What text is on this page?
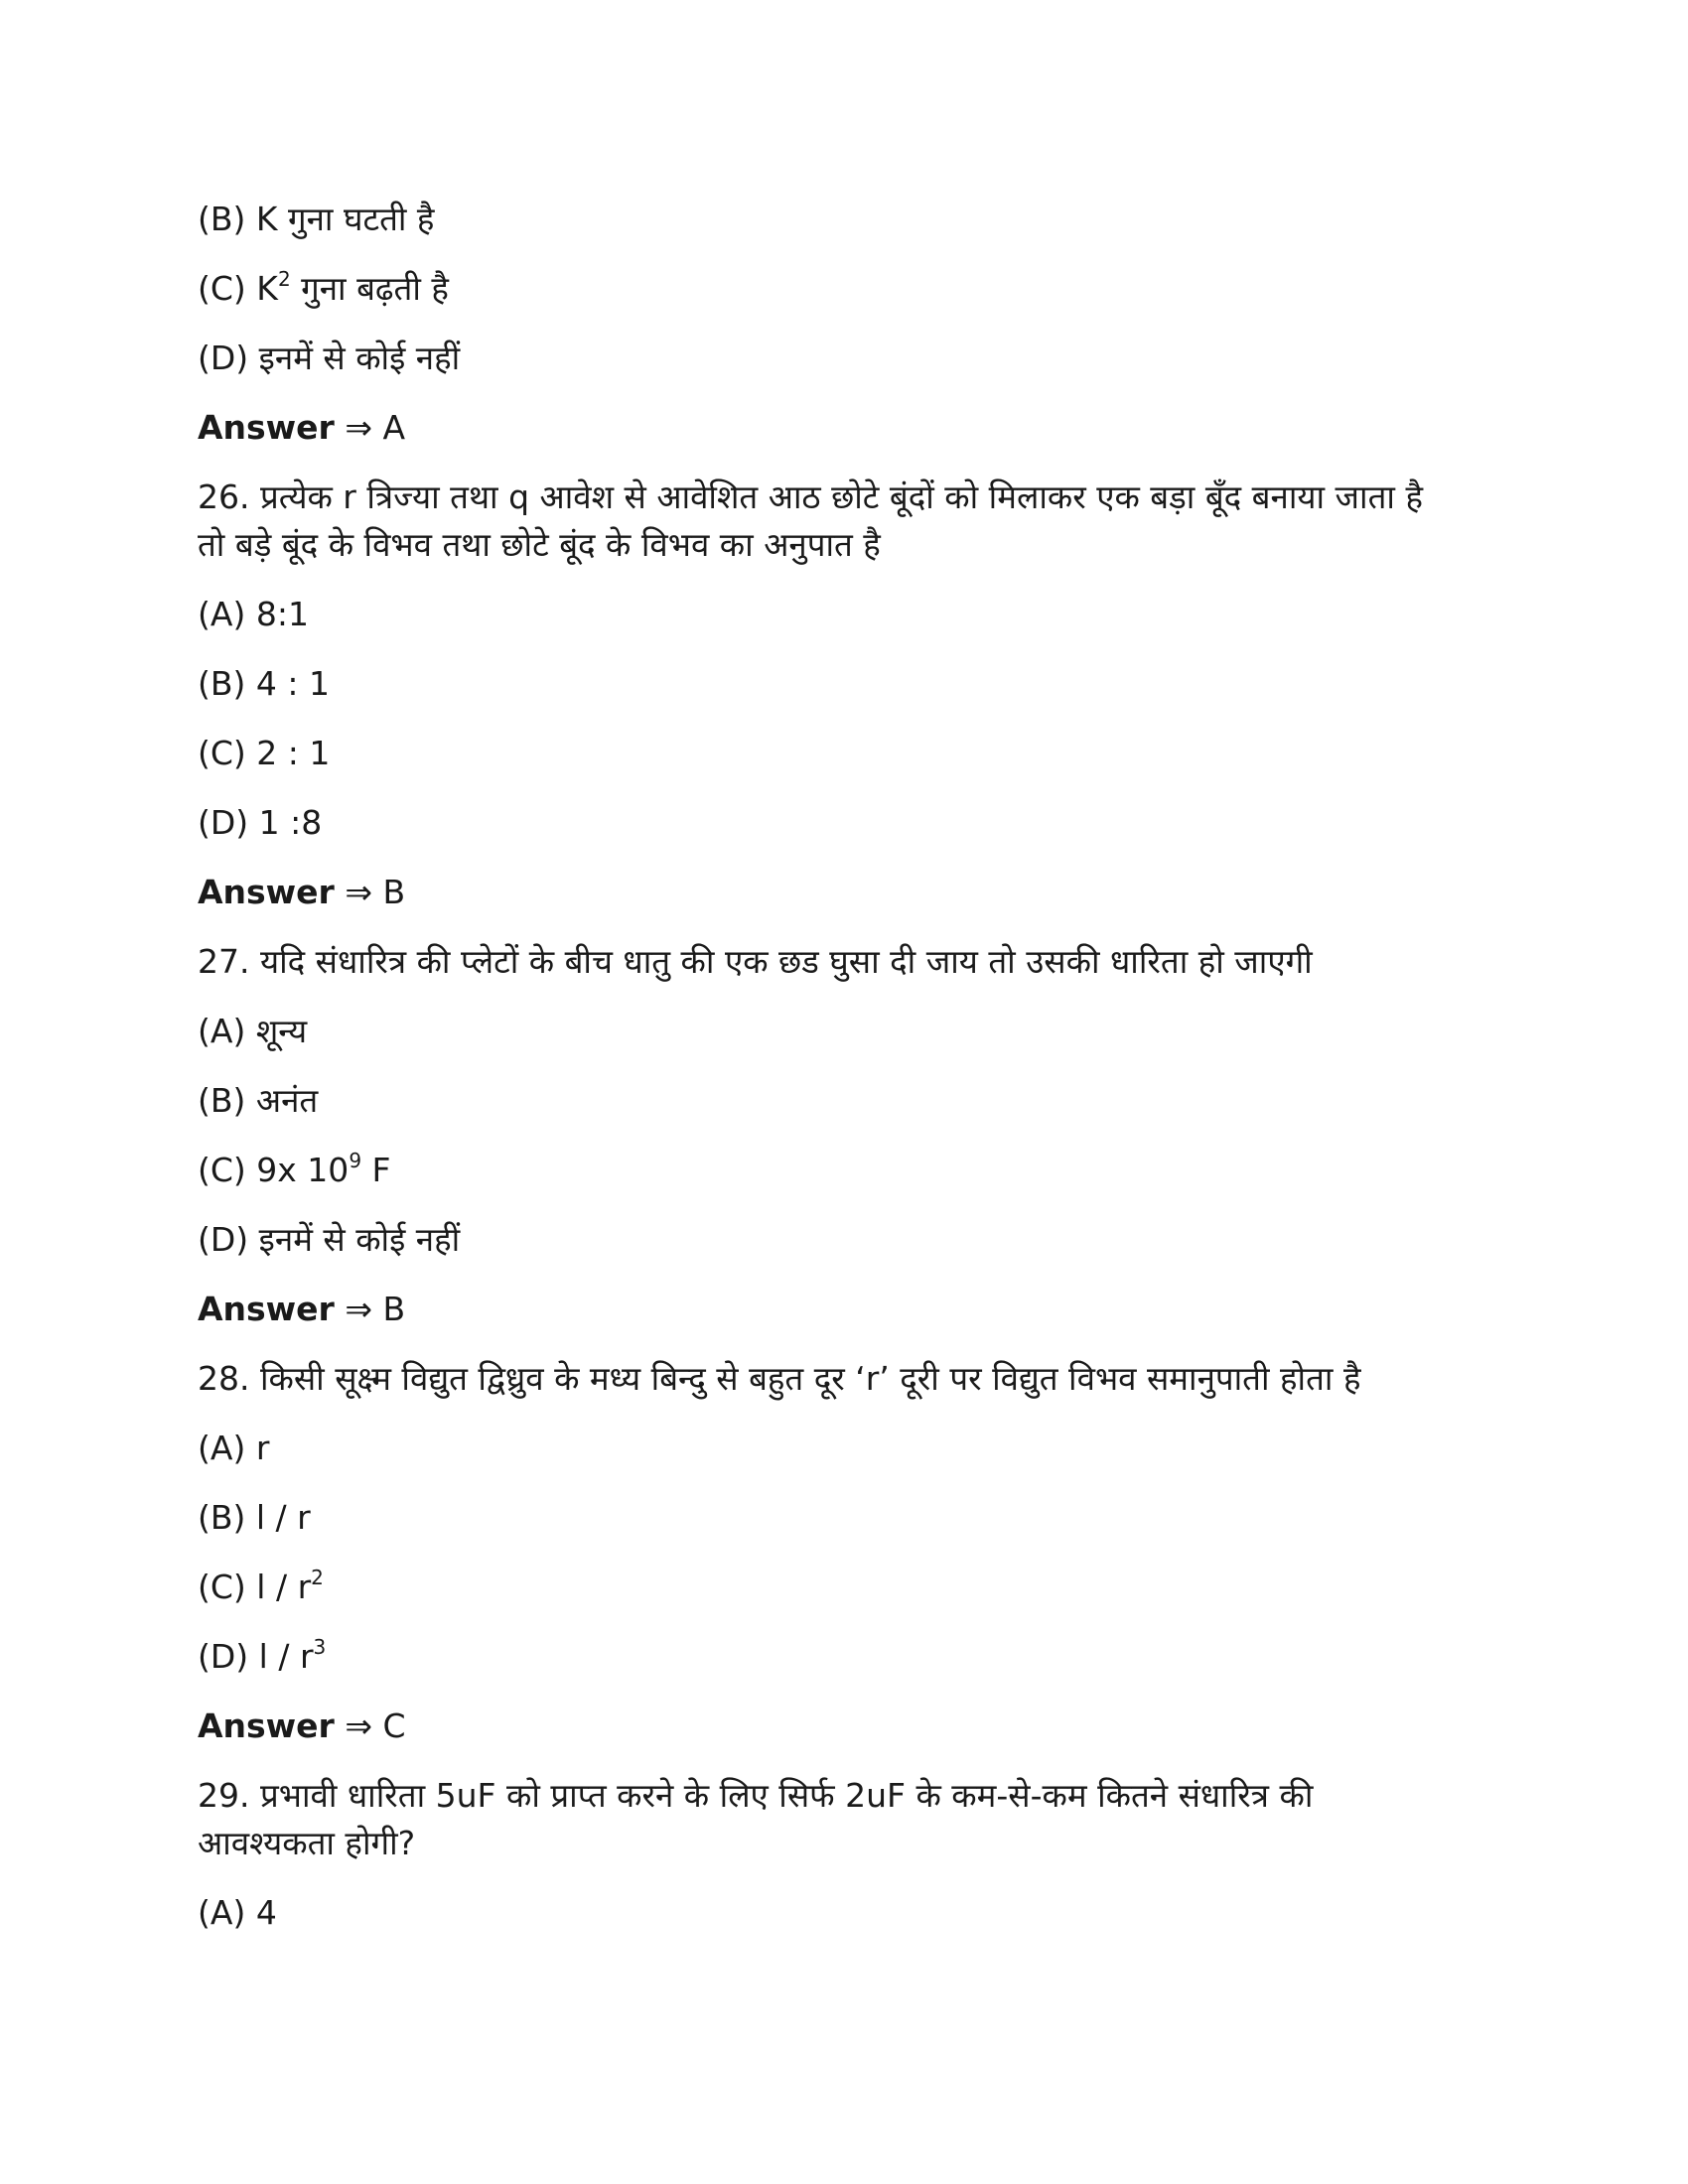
(B) K गुना घटती है
(C) $K^2$ गुना बढ़ती है
(D) इनमें से कोई नहीं
Answer ⇒ A
26. प्रत्येक r त्रिज्या तथा q आवेश से आवेशित आठ छोटे बूंदों को मिलाकर एक बड़ा बूँद बनाया जाता है
तो बड़े बूंद के विभव तथा छोटे बूंद के विभव का अनुपात है
(A) 8:1
(B) 4 : 1
(C) 2 : 1
(D) 1 :8
Answer ⇒ B
27. यदि संधारित्र की प्लेटों के बीच धातु की एक छड घुसा दी जाय तो उसकी धारिता हो जाएगी
(A) शून्य
(B) अनंत
(C) 9x $10^9$ F
(D) इनमें से कोई नहीं
Answer ⇒ B
28. किसी सूक्ष्म विद्युत द्विध्रुव के मध्य बिन्दु से बहुत दूर ‘r’ दूरी पर विद्युत विभव समानुपाती होता है
(A) r
(B) l / r
(C) l / $r^2$
(D) l / $r^3$
Answer ⇒ C
29. प्रभावी धारिता 5uF को प्राप्त करने के लिए सिर्फ 2uF के कम-से-कम कितने संधारित्र की
आवश्यकता होगी?
(A) 4
